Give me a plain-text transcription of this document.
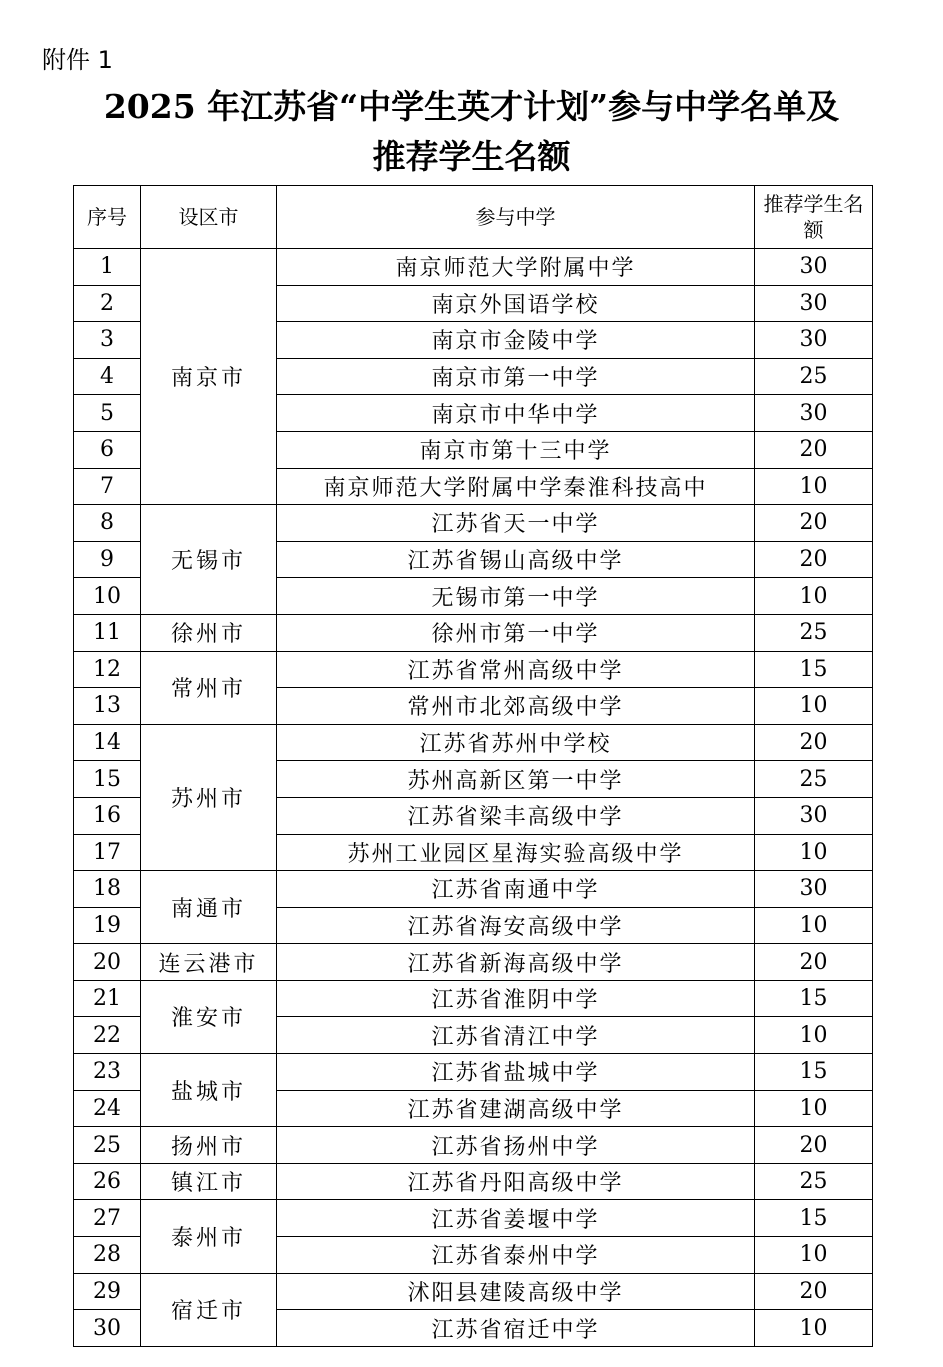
附件 1
2025 年江苏省“中学生英才计划”参与中学名单及
推荐学生名额
序号	设区市	参与中学	推荐学生名额
1	南京市	南京师范大学附属中学	30
2		南京外国语学校	30
3		南京市金陵中学	30
4		南京市第一中学	25
5		南京市中华中学	30
6		南京市第十三中学	20
7		南京师范大学附属中学秦淮科技高中	10
8	无锡市	江苏省天一中学	20
9		江苏省锡山高级中学	20
10		无锡市第一中学	10
11	徐州市	徐州市第一中学	25
12	常州市	江苏省常州高级中学	15
13		常州市北郊高级中学	10
14	苏州市	江苏省苏州中学校	20
15		苏州高新区第一中学	25
16		江苏省梁丰高级中学	30
17		苏州工业园区星海实验高级中学	10
18	南通市	江苏省南通中学	30
19		江苏省海安高级中学	10
20	连云港市	江苏省新海高级中学	20
21	淮安市	江苏省淮阴中学	15
22		江苏省清江中学	10
23	盐城市	江苏省盐城中学	15
24		江苏省建湖高级中学	10
25	扬州市	江苏省扬州中学	20
26	镇江市	江苏省丹阳高级中学	25
27	泰州市	江苏省姜堰中学	15
28		江苏省泰州中学	10
29	宿迁市	沭阳县建陵高级中学	20
30		江苏省宿迁中学	10
